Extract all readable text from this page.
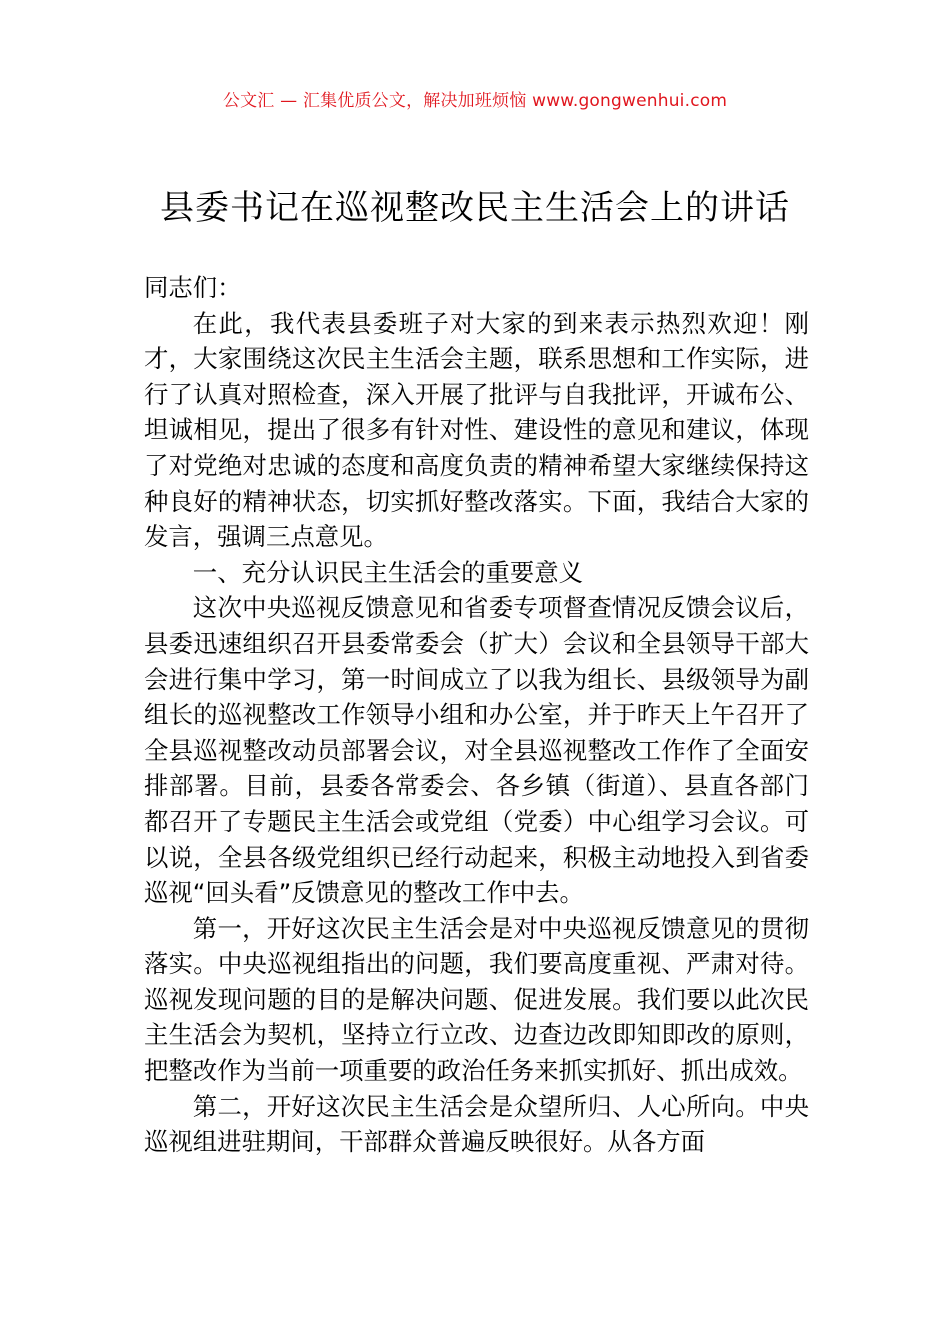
公文汇 — 汇集优质公文，解决加班烦恼 www.gongwenhui.com
县委书记在巡视整改民主生活会上的讲话

同志们：

在此，我代表县委班子对大家的到来表示热烈欢迎！刚才，大家围绕这次民主生活会主题，联系思想和工作实际，进行了认真对照检查，深入开展了批评与自我批评，开诚布公、坦诚相见，提出了很多有针对性、建设性的意见和建议，体现了对党绝对忠诚的态度和高度负责的精神希望大家继续保持这种良好的精神状态，切实抓好整改落实。下面，我结合大家的发言，强调三点意见。

一、充分认识民主生活会的重要意义

这次中央巡视反馈意见和省委专项督查情况反馈会议后，县委迅速组织召开县委常委会（扩大）会议和全县领导干部大会进行集中学习，第一时间成立了以我为组长、县级领导为副组长的巡视整改工作领导小组和办公室，并于昨天上午召开了全县巡视整改动员部署会议，对全县巡视整改工作作了全面安排部署。目前，县委各常委会、各乡镇（街道）、县直各部门都召开了专题民主生活会或党组（党委）中心组学习会议。可以说，全县各级党组织已经行动起来，积极主动地投入到省委巡视“回头看”反馈意见的整改工作中去。

第一，开好这次民主生活会是对中央巡视反馈意见的贯彻落实。中央巡视组指出的问题，我们要高度重视、严肃对待。巡视发现问题的目的是解决问题、促进发展。我们要以此次民主生活会为契机，坚持立行立改、边查边改即知即改的原则，把整改作为当前一项重要的政治任务来抓实抓好、抓出成效。

第二，开好这次民主生活会是众望所归、人心所向。中央巡视组进驻期间，干部群众普遍反映很好。从各方面
